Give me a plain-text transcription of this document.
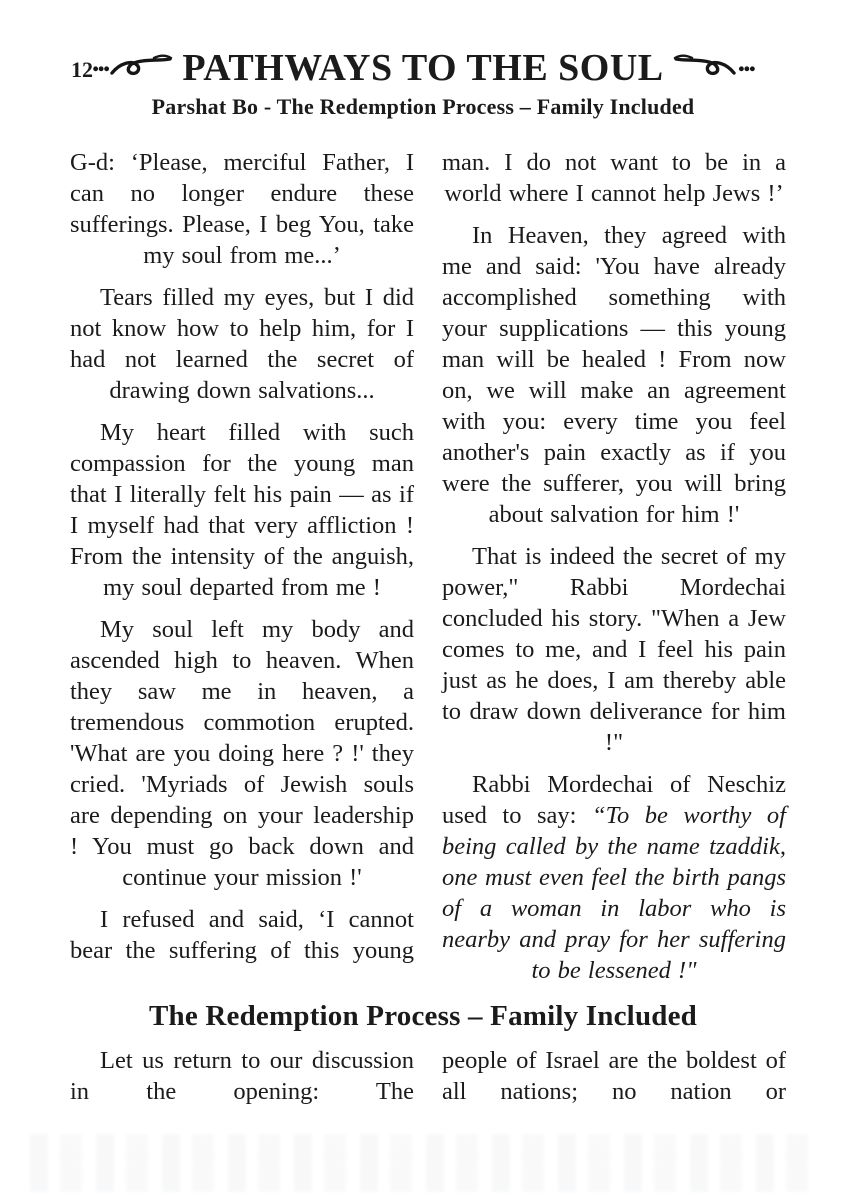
12
... PATHWAYS TO THE SOUL ...
Parshat Bo - The Redemption Process – Family Included

G-d: ‘Please, merciful Father, I can no longer endure these sufferings. Please, I beg You, take my soul from me...’

Tears filled my eyes, but I did not know how to help him, for I had not learned the secret of drawing down salvations...

My heart filled with such compassion for the young man that I literally felt his pain — as if I myself had that very affliction ! From the intensity of the anguish, my soul departed from me !

My soul left my body and ascended high to heaven. When they saw me in heaven, a tremendous commotion erupted. 'What are you doing here ? !' they cried. 'Myriads of Jewish souls are depending on your leadership ! You must go back down and continue your mission !'

I refused and said, ‘I cannot bear the suffering of this young

man. I do not want to be in a world where I cannot help Jews !’

In Heaven, they agreed with me and said: 'You have already accomplished something with your supplications — this young man will be healed ! From now on, we will make an agreement with you: every time you feel another's pain exactly as if you were the sufferer, you will bring about salvation for him !'

That is indeed the secret of my power," Rabbi Mordechai concluded his story. "When a Jew comes to me, and I feel his pain just as he does, I am thereby able to draw down deliverance for him !"

Rabbi Mordechai of Neschiz used to say: “To be worthy of being called by the name tzaddik, one must even feel the birth pangs of a woman in labor who is nearby and pray for her suffering to be lessened !"

The Redemption Process – Family Included

Let us return to our discussion in the opening: The

people of Israel are the boldest of all nations; no nation or
